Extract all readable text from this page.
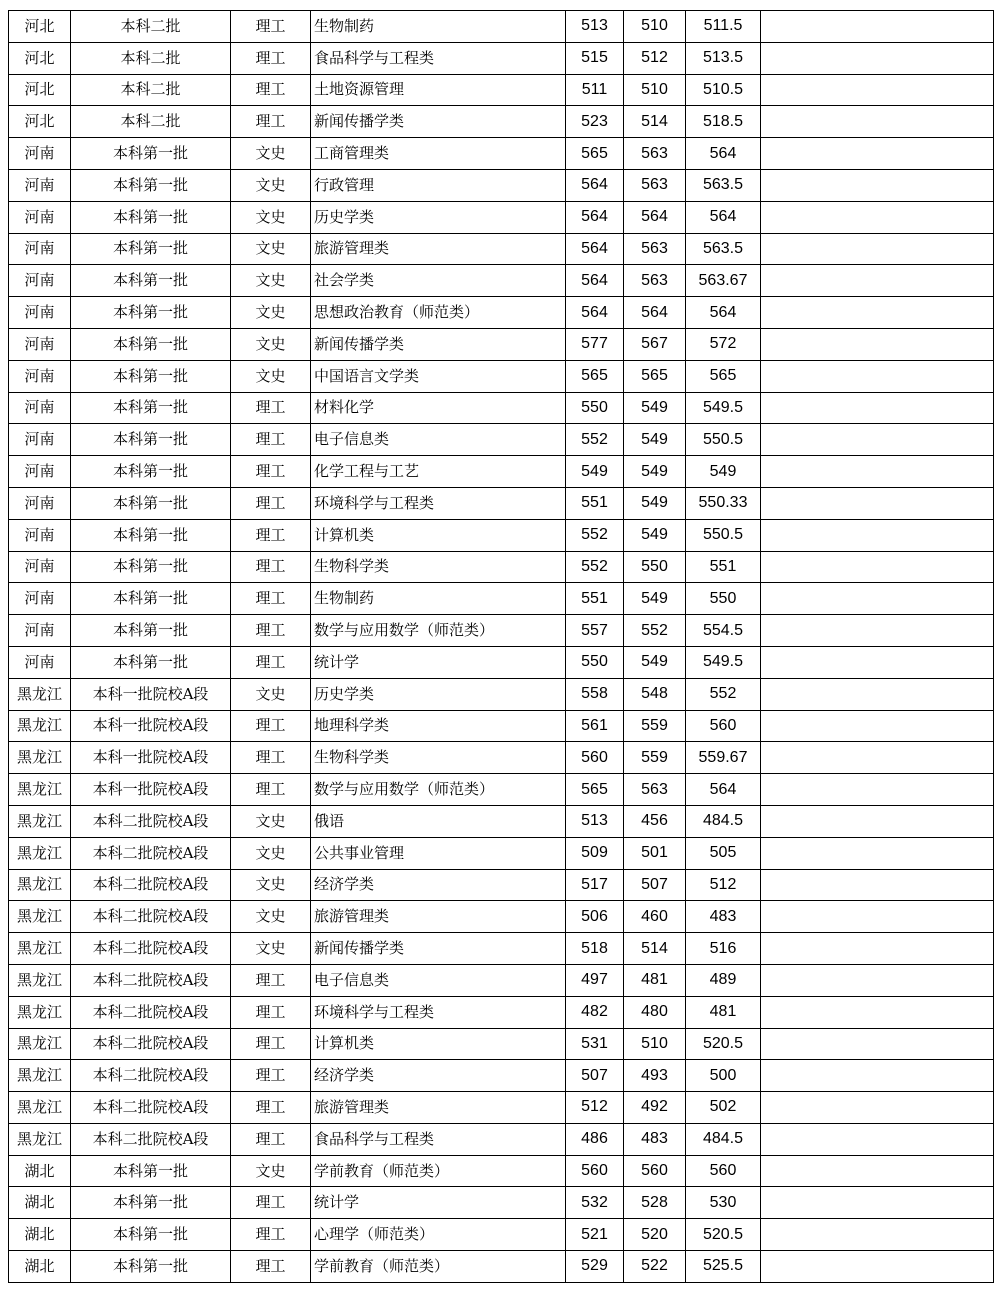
河北	本科二批	理工	生物制药	513	510	511.5	
河北	本科二批	理工	食品科学与工程类	515	512	513.5	
河北	本科二批	理工	土地资源管理	511	510	510.5	
河北	本科二批	理工	新闻传播学类	523	514	518.5	
河南	本科第一批	文史	工商管理类	565	563	564	
河南	本科第一批	文史	行政管理	564	563	563.5	
河南	本科第一批	文史	历史学类	564	564	564	
河南	本科第一批	文史	旅游管理类	564	563	563.5	
河南	本科第一批	文史	社会学类	564	563	563.67	
河南	本科第一批	文史	思想政治教育（师范类）	564	564	564	
河南	本科第一批	文史	新闻传播学类	577	567	572	
河南	本科第一批	文史	中国语言文学类	565	565	565	
河南	本科第一批	理工	材料化学	550	549	549.5	
河南	本科第一批	理工	电子信息类	552	549	550.5	
河南	本科第一批	理工	化学工程与工艺	549	549	549	
河南	本科第一批	理工	环境科学与工程类	551	549	550.33	
河南	本科第一批	理工	计算机类	552	549	550.5	
河南	本科第一批	理工	生物科学类	552	550	551	
河南	本科第一批	理工	生物制药	551	549	550	
河南	本科第一批	理工	数学与应用数学（师范类）	557	552	554.5	
河南	本科第一批	理工	统计学	550	549	549.5	
黑龙江	本科一批院校A段	文史	历史学类	558	548	552	
黑龙江	本科一批院校A段	理工	地理科学类	561	559	560	
黑龙江	本科一批院校A段	理工	生物科学类	560	559	559.67	
黑龙江	本科一批院校A段	理工	数学与应用数学（师范类）	565	563	564	
黑龙江	本科二批院校A段	文史	俄语	513	456	484.5	
黑龙江	本科二批院校A段	文史	公共事业管理	509	501	505	
黑龙江	本科二批院校A段	文史	经济学类	517	507	512	
黑龙江	本科二批院校A段	文史	旅游管理类	506	460	483	
黑龙江	本科二批院校A段	文史	新闻传播学类	518	514	516	
黑龙江	本科二批院校A段	理工	电子信息类	497	481	489	
黑龙江	本科二批院校A段	理工	环境科学与工程类	482	480	481	
黑龙江	本科二批院校A段	理工	计算机类	531	510	520.5	
黑龙江	本科二批院校A段	理工	经济学类	507	493	500	
黑龙江	本科二批院校A段	理工	旅游管理类	512	492	502	
黑龙江	本科二批院校A段	理工	食品科学与工程类	486	483	484.5	
湖北	本科第一批	文史	学前教育（师范类）	560	560	560	
湖北	本科第一批	理工	统计学	532	528	530	
湖北	本科第一批	理工	心理学（师范类）	521	520	520.5	
湖北	本科第一批	理工	学前教育（师范类）	529	522	525.5	
